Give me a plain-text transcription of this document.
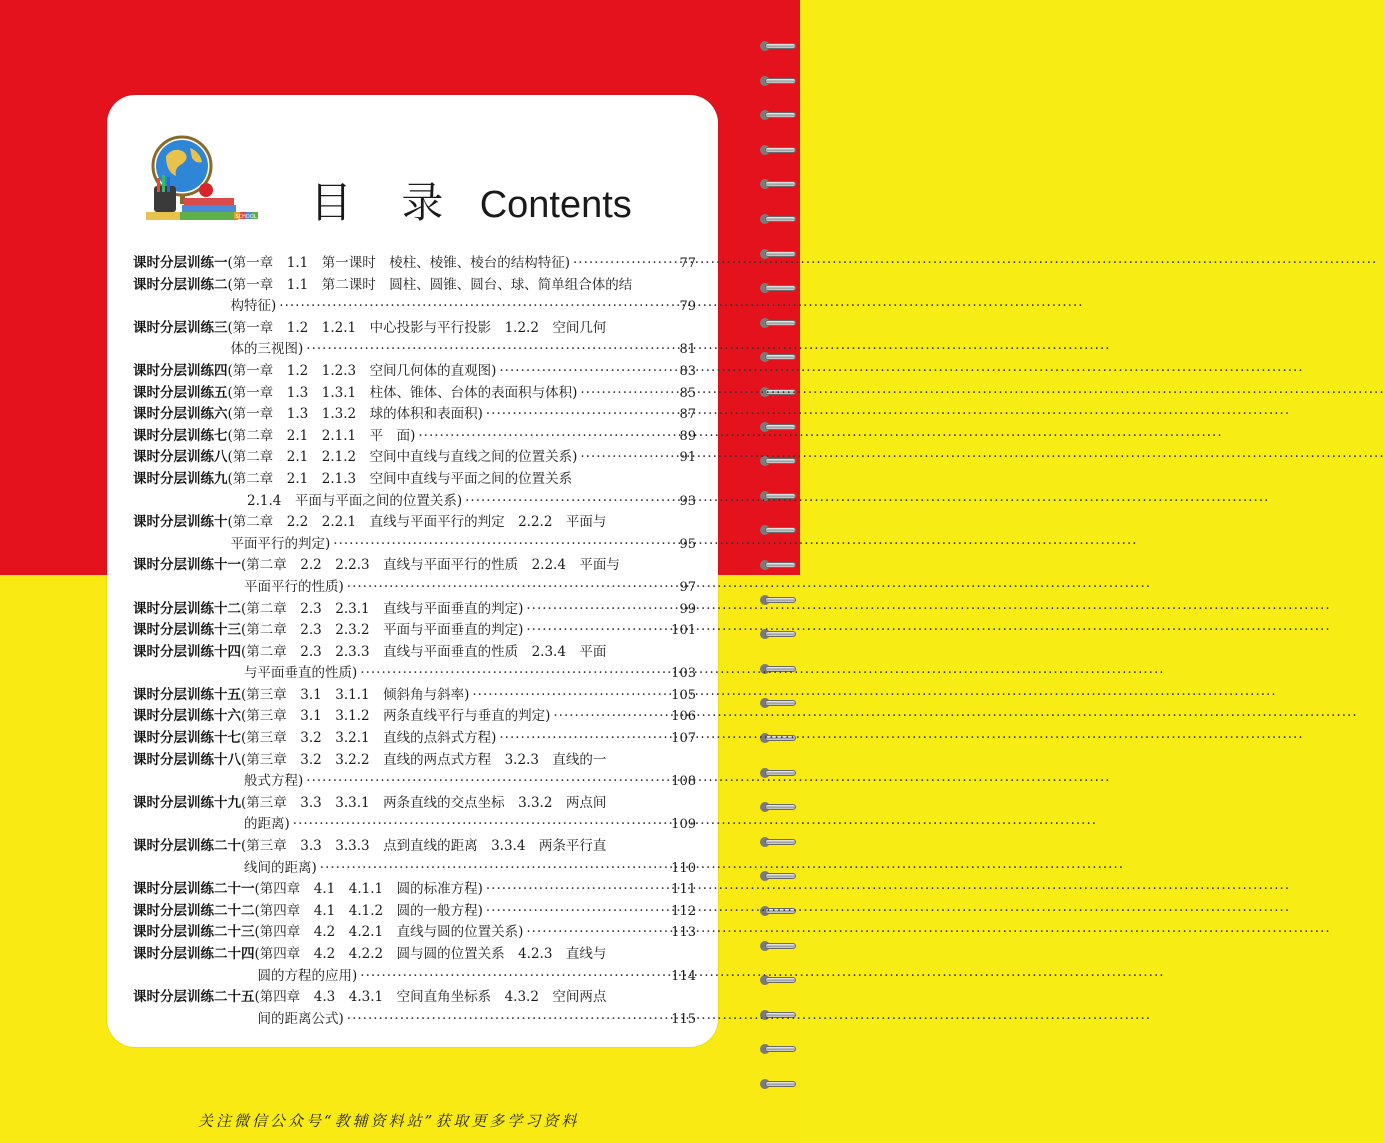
SCHOOL 目 录 Contents
课时分层训练一 (第一章　1.1　第一课时　棱柱、棱锥、棱台的结构特征) ·····	77
课时分层训练二 (第一章　1.1　第二课时　圆柱、圆锥、圆台、球、简单组合体的结
构特征) ·····	79
课时分层训练三 (第一章　1.2　1.2.1　中心投影与平行投影　1.2.2　空间几何
体的三视图) ·····	81
课时分层训练四 (第一章　1.2　1.2.3　空间几何体的直观图) ·····	83
课时分层训练五 (第一章　1.3　1.3.1　柱体、锥体、台体的表面积与体积) ·····	85
课时分层训练六 (第一章　1.3　1.3.2　球的体积和表面积) ·····	87
课时分层训练七 (第二章　2.1　2.1.1　平　面) ·····	89
课时分层训练八 (第二章　2.1　2.1.2　空间中直线与直线之间的位置关系) ·····	91
课时分层训练九 (第二章　2.1　2.1.3　空间中直线与平面之间的位置关系
2.1.4　平面与平面之间的位置关系) ·····	93
课时分层训练十 (第二章　2.2　2.2.1　直线与平面平行的判定　2.2.2　平面与
平面平行的判定) ·····	95
课时分层训练十一 (第二章　2.2　2.2.3　直线与平面平行的性质　2.2.4　平面与
平面平行的性质) ·····	97
课时分层训练十二 (第二章　2.3　2.3.1　直线与平面垂直的判定) ·····	99
课时分层训练十三 (第二章　2.3　2.3.2　平面与平面垂直的判定) ·····	101
课时分层训练十四 (第二章　2.3　2.3.3　直线与平面垂直的性质　2.3.4　平面
与平面垂直的性质) ·····	103
课时分层训练十五 (第三章　3.1　3.1.1　倾斜角与斜率) ·····	105
课时分层训练十六 (第三章　3.1　3.1.2　两条直线平行与垂直的判定) ·····	106
课时分层训练十七 (第三章　3.2　3.2.1　直线的点斜式方程) ·····	107
课时分层训练十八 (第三章　3.2　3.2.2　直线的两点式方程　3.2.3　直线的一
般式方程) ·····	108
课时分层训练十九 (第三章　3.3　3.3.1　两条直线的交点坐标　3.3.2　两点间
的距离) ·····	109
课时分层训练二十 (第三章　3.3　3.3.3　点到直线的距离　3.3.4　两条平行直
线间的距离) ·····	110
课时分层训练二十一 (第四章　4.1　4.1.1　圆的标准方程) ·····	111
课时分层训练二十二 (第四章　4.1　4.1.2　圆的一般方程) ·····	112
课时分层训练二十三 (第四章　4.2　4.2.1　直线与圆的位置关系) ·····	113
课时分层训练二十四 (第四章　4.2　4.2.2　圆与圆的位置关系　4.2.3　直线与
圆的方程的应用) ·····	114
课时分层训练二十五 (第四章　4.3　4.3.1　空间直角坐标系　4.3.2　空间两点
间的距离公式) ·····	115
关注微信公众号“教辅资料站”获取更多学习资料
